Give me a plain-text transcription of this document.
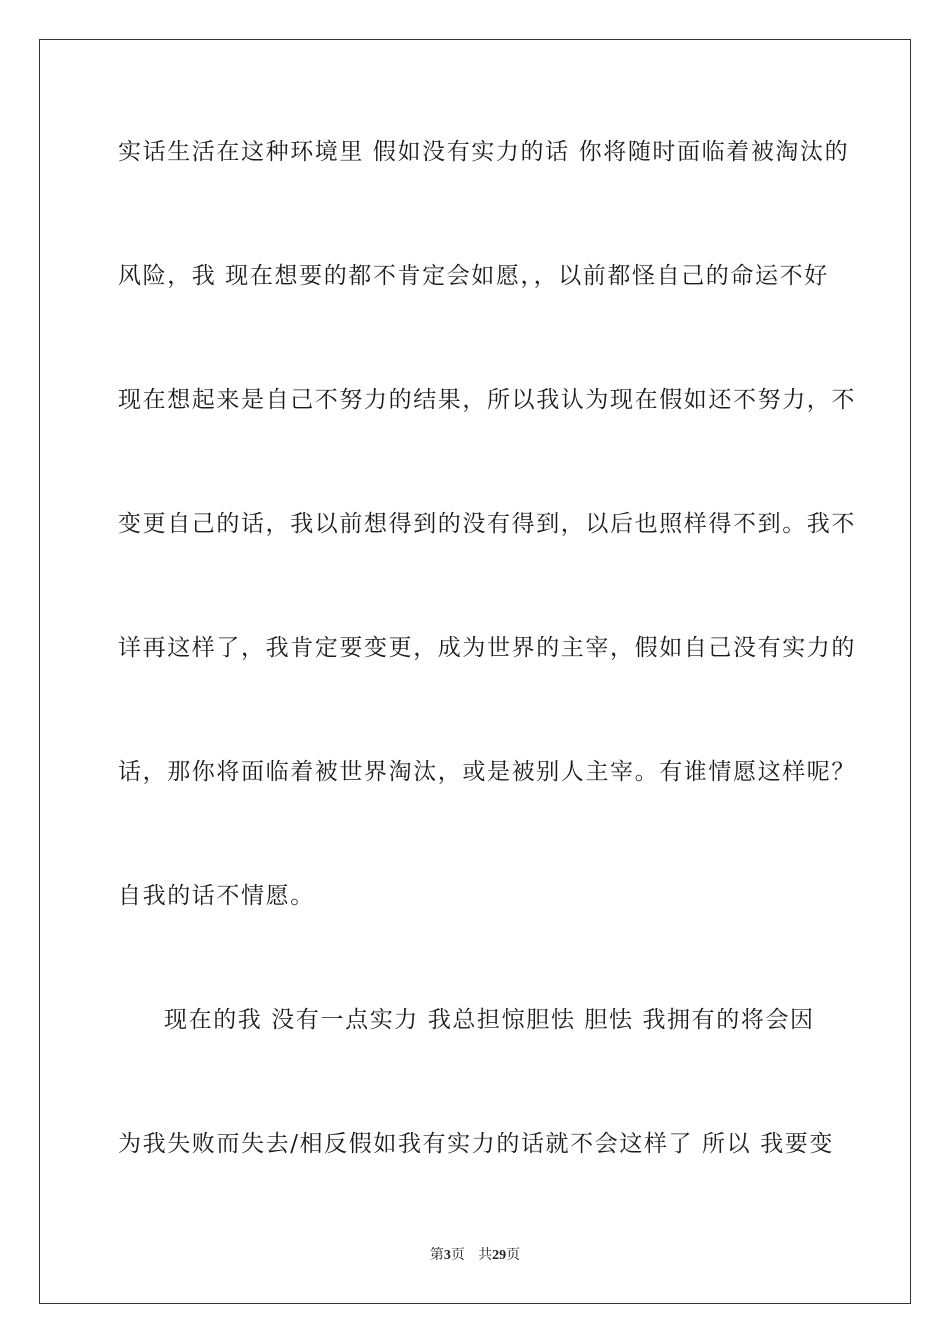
实话生活在这种环境里 假如没有实力的话 你将随时面临着被淘汰的
风险，我 现在想要的都不肯定会如愿，，以前都怪自己的命运不好
现在想起来是自己不努力的结果，所以我认为现在假如还不努力，不
变更自己的话，我以前想得到的没有得到，以后也照样得不到。我不
详再这样了，我肯定要变更，成为世界的主宰，假如自己没有实力的
话，那你将面临着被世界淘汰，或是被别人主宰。有谁情愿这样呢？
自我的话不情愿。
现在的我 没有一点实力 我总担惊胆怯 胆怯 我拥有的将会因
为我失败而失去/相反假如我有实力的话就不会这样了 所以 我要变
第3页 共29页
